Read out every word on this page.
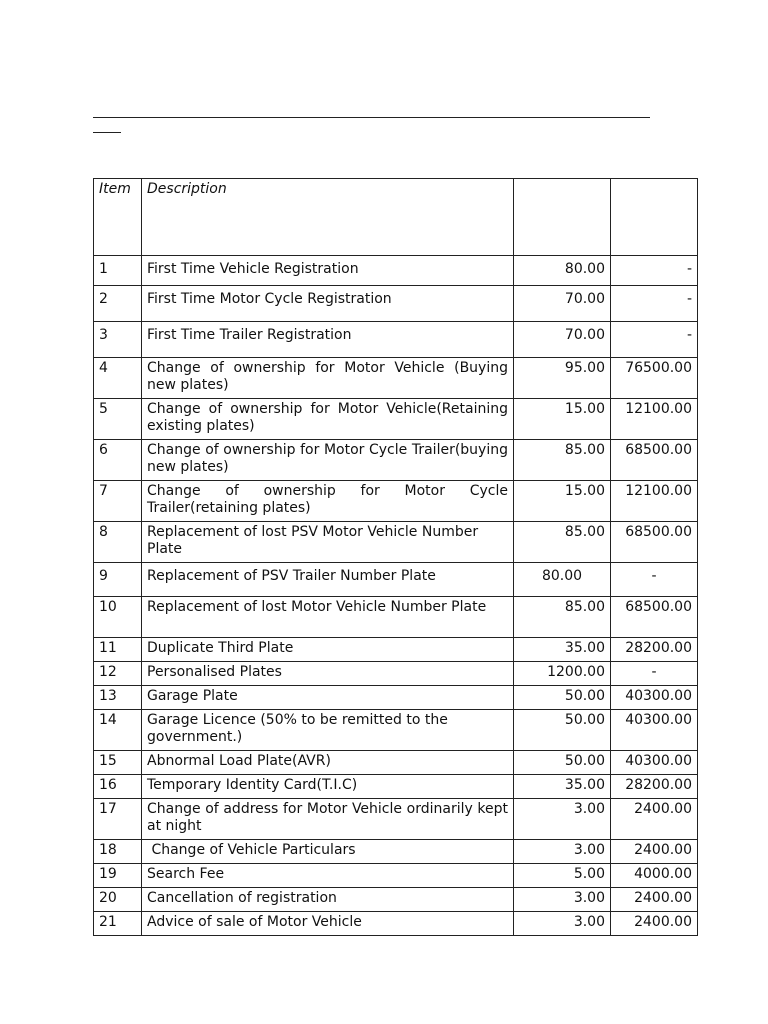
Item	Description		
1	First Time Vehicle Registration	80.00	-
2	First Time Motor Cycle Registration	70.00	-
3	First Time Trailer Registration	70.00	-
4	Change of ownership for Motor Vehicle (Buying new plates)	95.00	76500.00
5	Change of ownership for Motor Vehicle(Retaining existing plates)	15.00	12100.00
6	Change of ownership for Motor Cycle Trailer(buying new plates)	85.00	68500.00
7	Change of ownership for Motor Cycle Trailer(retaining plates)	15.00	12100.00
8	Replacement of lost PSV Motor Vehicle Number Plate	85.00	68500.00
9	Replacement of PSV Trailer Number Plate	80.00	-
10	Replacement of lost Motor Vehicle Number Plate	85.00	68500.00
11	Duplicate Third Plate	35.00	28200.00
12	Personalised Plates	1200.00	-
13	Garage Plate	50.00	40300.00
14	Garage Licence (50% to be remitted to the government.)	50.00	40300.00
15	Abnormal Load Plate(AVR)	50.00	40300.00
16	Temporary Identity Card(T.I.C)	35.00	28200.00
17	Change of address for Motor Vehicle ordinarily kept at night	3.00	2400.00
18	Change of Vehicle Particulars	3.00	2400.00
19	Search Fee	5.00	4000.00
20	Cancellation of registration	3.00	2400.00
21	Advice of sale of Motor Vehicle	3.00	2400.00
